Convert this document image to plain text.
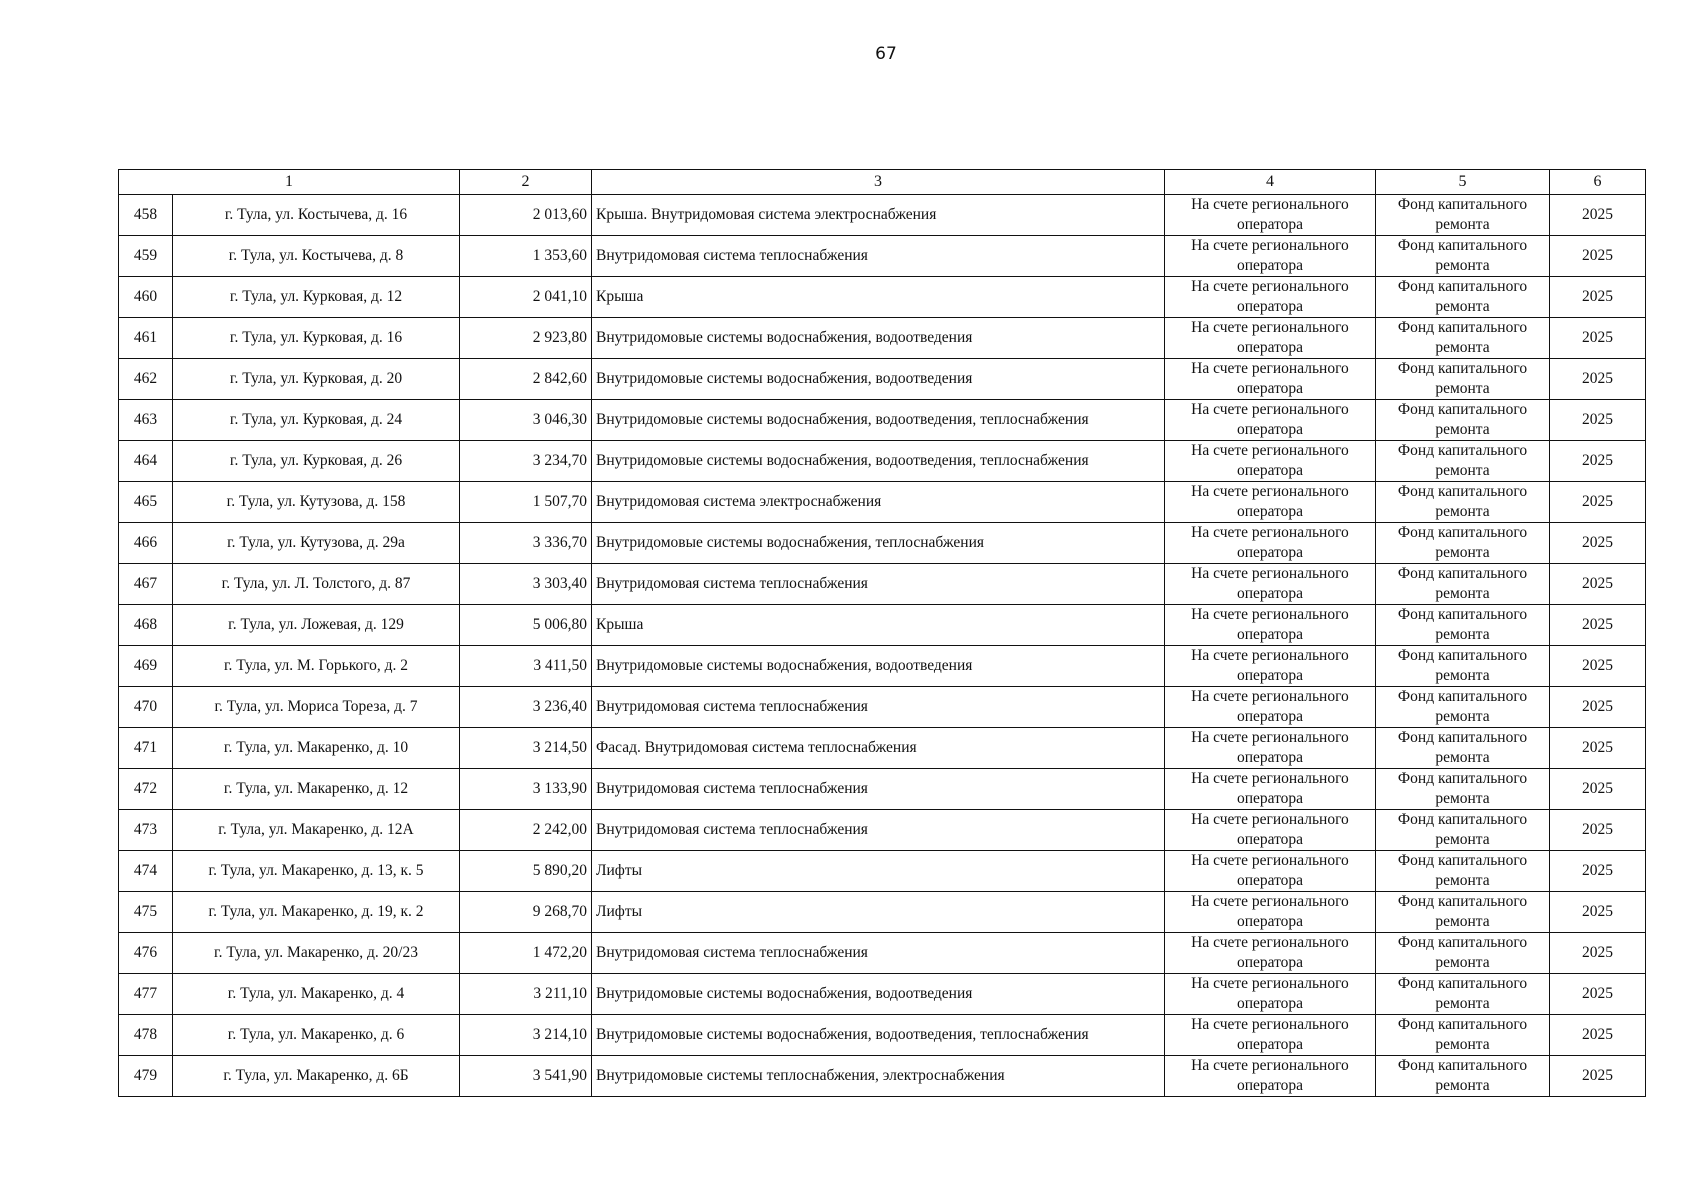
67
1		2	3	4	5	6
458	г. Тула, ул. Костычева, д. 16	2 013,60	Крыша. Внутридомовая система электроснабжения	На счете регионального оператора	Фонд капитального ремонта	2025
459	г. Тула, ул. Костычева, д. 8	1 353,60	Внутридомовая система теплоснабжения	На счете регионального оператора	Фонд капитального ремонта	2025
460	г. Тула, ул. Курковая, д. 12	2 041,10	Крыша	На счете регионального оператора	Фонд капитального ремонта	2025
461	г. Тула, ул. Курковая, д. 16	2 923,80	Внутридомовые системы водоснабжения, водоотведения	На счете регионального оператора	Фонд капитального ремонта	2025
462	г. Тула, ул. Курковая, д. 20	2 842,60	Внутридомовые системы водоснабжения, водоотведения	На счете регионального оператора	Фонд капитального ремонта	2025
463	г. Тула, ул. Курковая, д. 24	3 046,30	Внутридомовые системы водоснабжения, водоотведения, теплоснабжения	На счете регионального оператора	Фонд капитального ремонта	2025
464	г. Тула, ул. Курковая, д. 26	3 234,70	Внутридомовые системы водоснабжения, водоотведения, теплоснабжения	На счете регионального оператора	Фонд капитального ремонта	2025
465	г. Тула, ул. Кутузова, д. 158	1 507,70	Внутридомовая система электроснабжения	На счете регионального оператора	Фонд капитального ремонта	2025
466	г. Тула, ул. Кутузова, д. 29а	3 336,70	Внутридомовые системы водоснабжения, теплоснабжения	На счете регионального оператора	Фонд капитального ремонта	2025
467	г. Тула, ул. Л. Толстого, д. 87	3 303,40	Внутридомовая система теплоснабжения	На счете регионального оператора	Фонд капитального ремонта	2025
468	г. Тула, ул. Ложевая, д. 129	5 006,80	Крыша	На счете регионального оператора	Фонд капитального ремонта	2025
469	г. Тула, ул. М. Горького, д. 2	3 411,50	Внутридомовые системы водоснабжения, водоотведения	На счете регионального оператора	Фонд капитального ремонта	2025
470	г. Тула, ул. Мориса Тореза, д. 7	3 236,40	Внутридомовая система теплоснабжения	На счете регионального оператора	Фонд капитального ремонта	2025
471	г. Тула, ул. Макаренко, д. 10	3 214,50	Фасад. Внутридомовая система теплоснабжения	На счете регионального оператора	Фонд капитального ремонта	2025
472	г. Тула, ул. Макаренко, д. 12	3 133,90	Внутридомовая система теплоснабжения	На счете регионального оператора	Фонд капитального ремонта	2025
473	г. Тула, ул. Макаренко, д. 12А	2 242,00	Внутридомовая система теплоснабжения	На счете регионального оператора	Фонд капитального ремонта	2025
474	г. Тула, ул. Макаренко, д. 13, к. 5	5 890,20	Лифты	На счете регионального оператора	Фонд капитального ремонта	2025
475	г. Тула, ул. Макаренко, д. 19, к. 2	9 268,70	Лифты	На счете регионального оператора	Фонд капитального ремонта	2025
476	г. Тула, ул. Макаренко, д. 20/23	1 472,20	Внутридомовая система теплоснабжения	На счете регионального оператора	Фонд капитального ремонта	2025
477	г. Тула, ул. Макаренко, д. 4	3 211,10	Внутридомовые системы водоснабжения, водоотведения	На счете регионального оператора	Фонд капитального ремонта	2025
478	г. Тула, ул. Макаренко, д. 6	3 214,10	Внутридомовые системы водоснабжения, водоотведения, теплоснабжения	На счете регионального оператора	Фонд капитального ремонта	2025
479	г. Тула, ул. Макаренко, д. 6Б	3 541,90	Внутридомовые системы теплоснабжения, электроснабжения	На счете регионального оператора	Фонд капитального ремонта	2025
